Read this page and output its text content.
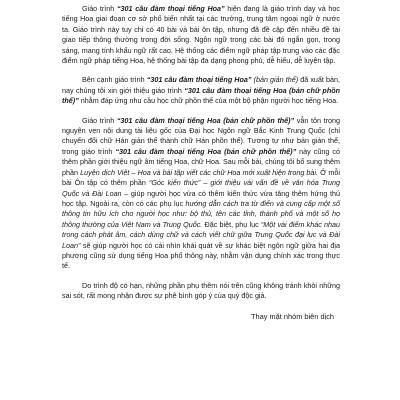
Giáo trình “301 câu đàm thoại tiếng Hoa” hiện đang là giáo trình dạy và học tiếng Hoa giai đoạn cơ sở phổ biến nhất tại các trường, trung tâm ngoại ngữ ở nước ta. Giáo trình này tuy chỉ có 40 bài và bài ôn tập, nhưng đã đề cập đến nhiều đề tài giao tiếp thông thường trong đời sống. Ngôn ngữ trong các bài đó ngắn gọn, trong sáng, mang tính khẩu ngữ rất cao. Hệ thống các điểm ngữ pháp tập trung vào các đặc điểm ngữ pháp tiếng Hoa, hệ thống bài tập đa dạng phong phú, dễ hiểu, dễ luyện tập.

Bên cạnh giáo trình “301 câu đàm thoại tiếng Hoa” (bản giản thể) đã xuất bản, nay chúng tôi xin giới thiệu giáo trình “301 câu đàm thoại tiếng Hoa (bản chữ phồn thể)” nhằm đáp ứng nhu cầu học chữ phồn thể của một bộ phận người học tiếng Hoa.

Giáo trình “301 câu đàm thoại tiếng Hoa (bản chữ phồn thể)” vẫn tôn trọng nguyên vẹn nội dung tài liệu gốc của Đại học Ngôn ngữ Bắc Kinh Trung Quốc (chỉ chuyển đổi chữ Hán giản thể thành chữ Hán phồn thể). Tương tự như bản giản thể, trong giáo trình “301 câu đàm thoại tiếng Hoa (bản chữ phồn thể)” này cũng có thêm phần giới thiệu ngữ âm tiếng Hoa, chữ Hoa. Sau mỗi bài, chúng tôi bổ sung thêm phần Luyện dịch Việt – Hoa và bài tập viết các chữ Hoa mới xuất hiện trong bài. Ở mỗi bài Ôn tập có thêm phần “Góc kiến thức” – giới thiệu vài vấn đề về văn hóa Trung Quốc và Đài Loan – giúp người học vừa có thêm kiến thức vừa tăng thêm hứng thú học tập. Ngoài ra, còn có các phụ lục hướng dẫn cách tra từ điển và cung cấp một số thông tin hữu ích cho người học như: bộ thủ, tên các tỉnh, thành phố và một số họ thông thường của Việt Nam và Trung Quốc. Đặc biệt, phụ lục “Một vài điểm khác nhau trong cách phát âm, cách dùng chữ và cách viết chữ giữa Trung Quốc đại lục và Đài Loan” sẽ giúp người học có cái nhìn khái quát về sự khác biệt ngôn ngữ giữa hai địa phương cũng sử dụng tiếng Hoa phổ thông này, nhằm vận dụng chính xác trong thực tế.

Do trình độ có hạn, những phần phụ thêm nói trên cũng không tránh khỏi những sai sót, rất mong nhận được sự phê bình góp ý của quý độc giả.

Thay mặt nhóm biên dịch
